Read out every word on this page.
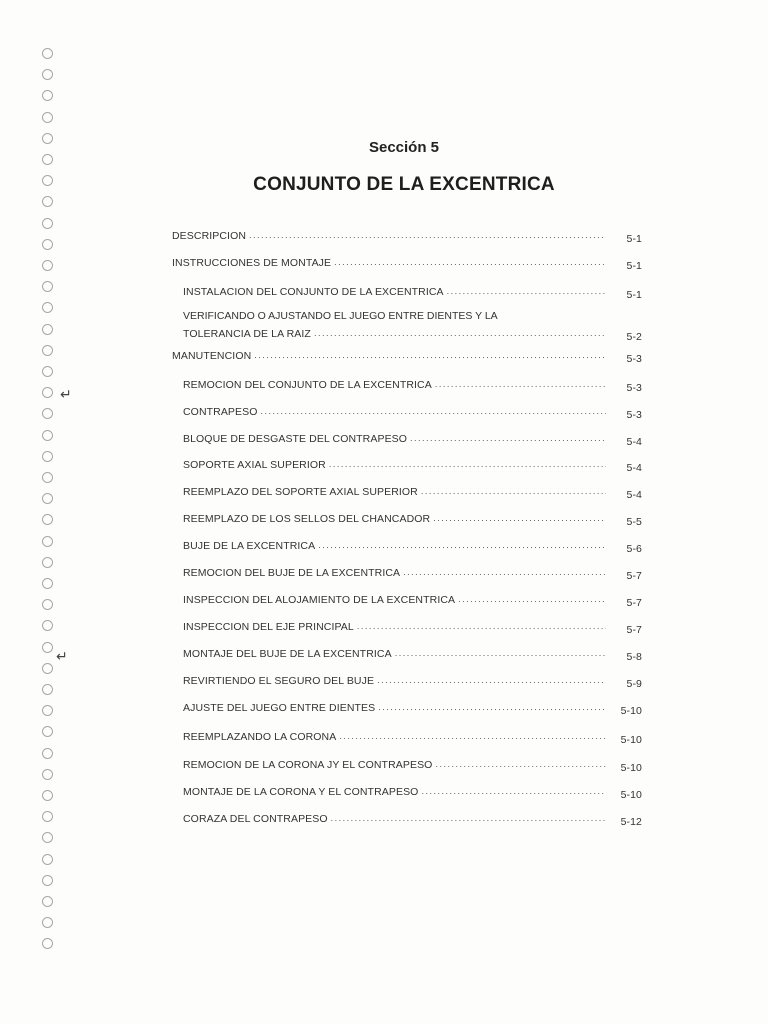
↵
↵
Sección 5
CONJUNTO DE LA EXCENTRICA
DESCRIPCION .....	5-1
INSTRUCCIONES DE MONTAJE .....	5-1
INSTALACION DEL CONJUNTO DE LA EXCENTRICA .....	5-1
VERIFICANDO O AJUSTANDO EL JUEGO ENTRE DIENTES Y LA
TOLERANCIA DE LA RAIZ .....	5-2
MANUTENCION .....	5-3
REMOCION DEL CONJUNTO DE LA EXCENTRICA .....	5-3
CONTRAPESO .....	5-3
BLOQUE DE DESGASTE DEL CONTRAPESO .....	5-4
SOPORTE AXIAL SUPERIOR .....	5-4
REEMPLAZO DEL SOPORTE AXIAL SUPERIOR .....	5-4
REEMPLAZO DE LOS SELLOS DEL CHANCADOR .....	5-5
BUJE DE LA EXCENTRICA .....	5-6
REMOCION DEL BUJE DE LA EXCENTRICA .....	5-7
INSPECCION DEL ALOJAMIENTO DE LA EXCENTRICA .....	5-7
INSPECCION DEL EJE PRINCIPAL .....	5-7
MONTAJE DEL BUJE DE LA EXCENTRICA .....	5-8
REVIRTIENDO EL SEGURO DEL BUJE .....	5-9
AJUSTE DEL JUEGO ENTRE DIENTES .....	5-10
REEMPLAZANDO LA CORONA .....	5-10
REMOCION DE LA CORONA JY EL CONTRAPESO .....	5-10
MONTAJE DE LA CORONA Y EL CONTRAPESO .....	5-10
CORAZA DEL CONTRAPESO .....	5-12
